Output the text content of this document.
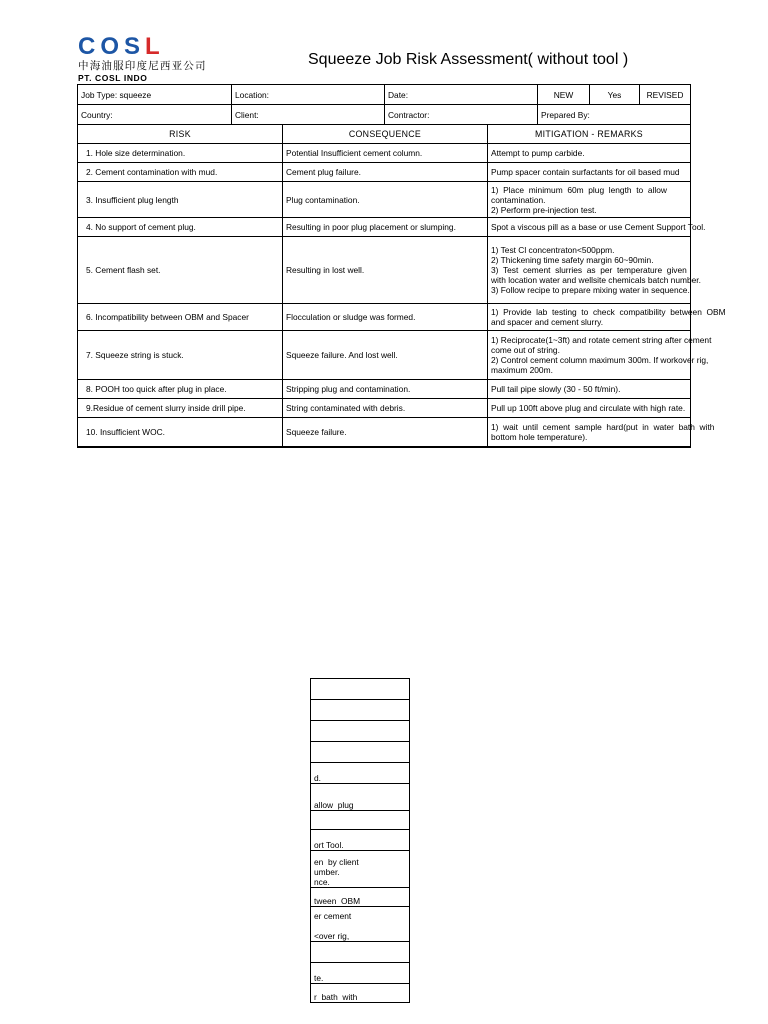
COSL
中海油服印度尼西亚公司
PT. COSL INDO
Squeeze Job Risk Assessment( without tool )
Job Type: squeeze	Location:	Date:	NEW	Yes	REVISED
Country:	Client:	Contractor:	Prepared By:		
RISK	CONSEQUENCE	MITIGATION - REMARKS
1. Hole size determination.	Potential Insufficient cement column.	Attempt to pump carbide.
2. Cement contamination with mud.	Cement plug failure.	Pump spacer contain surfactants for oil based mud
3. Insufficient plug length	Plug contamination.	1)  Place  minimum  60m  plug  length  to  allow
contamination.
2) Perform pre-injection test.
4. No support of cement plug.	Resulting in poor plug placement or slumping.	Spot a viscous pill as a base or use Cement Support Tool.
5. Cement flash set.	Resulting in lost well.	1) Test Cl concentraton<500ppm.
2) Thickening time safety margin 60~90min.
3)  Test  cement  slurries  as  per  temperature  given
with location water and wellsite chemicals batch number.
3) Follow recipe to prepare mixing water in sequence.
6. Incompatibility between OBM and Spacer	Flocculation or sludge was formed.	1)  Provide  lab  testing  to  check  compatibility  between  OBM
and spacer and cement slurry.
7. Squeeze string is stuck.	Squeeze failure. And lost well.	1) Reciprocate(1~3ft) and rotate cement string after cement
come out of string.
2) Control cement column maximum 300m. If workover rig,
maximum 200m.
8. POOH too quick after plug in place.	Stripping plug and contamination.	Pull tail pipe slowly (30 - 50 ft/min).
9.Residue of cement slurry inside drill pipe.	String contaminated with debris.	Pull up 100ft above plug and circulate with high rate.
10. Insufficient WOC.	Squeeze failure.	1)  wait  until  cement  sample  hard(put  in  water  bath  with
bottom hole temperature).

d.
allow  plug

ort Tool.
en  by client
umber.
nce.
tween  OBM
er cement

<over rig,

te.
r  bath  with
